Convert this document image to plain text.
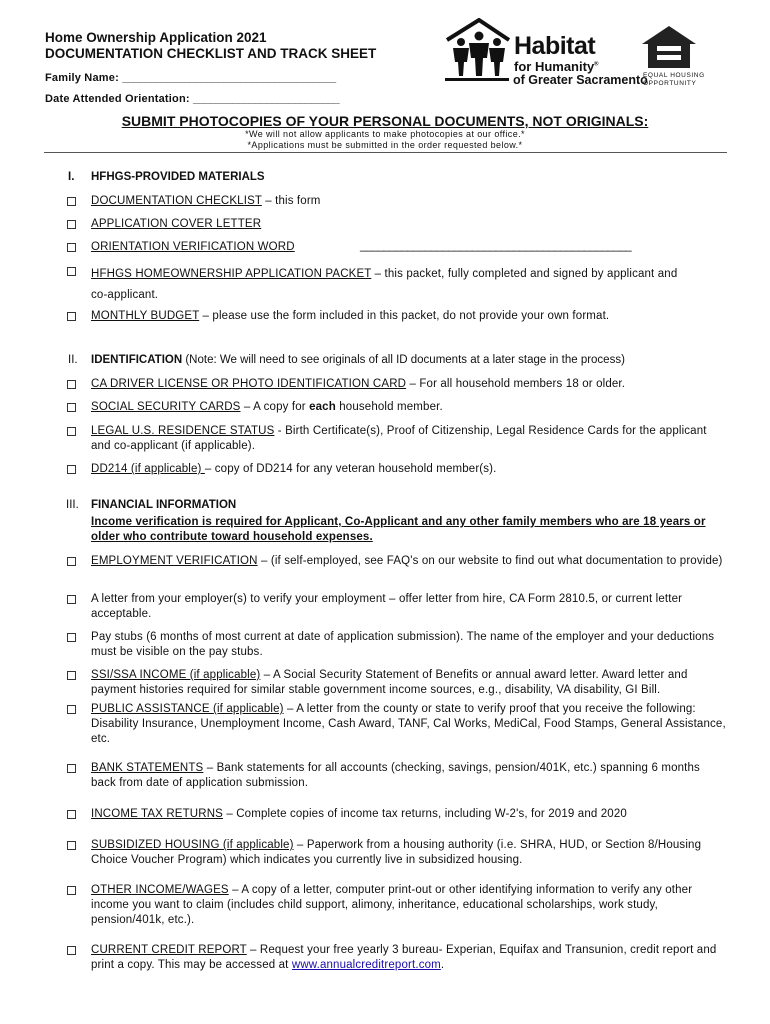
Home Ownership Application 2021
DOCUMENTATION CHECKLIST AND TRACK SHEET
Family Name: ______________________________________
Date Attended Orientation: __________________________
Habitat
for Humanity®
of Greater Sacramento
EQUAL HOUSING
OPPORTUNITY
SUBMIT PHOTOCOPIES OF YOUR PERSONAL DOCUMENTS, NOT ORIGINALS:
*We will not allow applicants to make photocopies at our office.*
*Applications must be submitted in the order requested below.*
I. HFHGS-PROVIDED MATERIALS
DOCUMENTATION CHECKLIST – this form
APPLICATION COVER LETTER
ORIENTATION VERIFICATION WORD	______________________________________________
HFHGS HOMEOWNERSHIP APPLICATION PACKET – this packet, fully completed and signed by applicant and
co-applicant.
MONTHLY BUDGET – please use the form included in this packet, do not provide your own format.
II. IDENTIFICATION (Note: We will need to see originals of all ID documents at a later stage in the process)
CA DRIVER LICENSE OR PHOTO IDENTIFICATION CARD – For all household members 18 or older.
SOCIAL SECURITY CARDS – A copy for each household member.
LEGAL U.S. RESIDENCE STATUS - Birth Certificate(s), Proof of Citizenship, Legal Residence Cards for the applicant and co-applicant (if applicable).
DD214 (if applicable) – copy of DD214 for any veteran household member(s).
III. FINANCIAL INFORMATION
Income verification is required for Applicant, Co-Applicant and any other family members who are 18 years or older who contribute toward household expenses.
EMPLOYMENT VERIFICATION – (if self-employed, see FAQ's on our website to find out what documentation to provide)
A letter from your employer(s) to verify your employment – offer letter from hire, CA Form 2810.5, or current letter acceptable.
Pay stubs (6 months of most current at date of application submission). The name of the employer and your deductions must be visible on the pay stubs.
SSI/SSA INCOME (if applicable) – A Social Security Statement of Benefits or annual award letter. Award letter and payment histories required for similar stable government income sources, e.g., disability, VA disability, GI Bill.
PUBLIC ASSISTANCE (if applicable) – A letter from the county or state to verify proof that you receive the following: Disability Insurance, Unemployment Income, Cash Award, TANF, Cal Works, MediCal, Food Stamps, General Assistance, etc.
BANK STATEMENTS – Bank statements for all accounts (checking, savings, pension/401K, etc.) spanning 6 months back from date of application submission.
INCOME TAX RETURNS – Complete copies of income tax returns, including W-2's, for 2019 and 2020
SUBSIDIZED HOUSING (if applicable) – Paperwork from a housing authority (i.e. SHRA, HUD, or Section 8/Housing Choice Voucher Program) which indicates you currently live in subsidized housing.
OTHER INCOME/WAGES – A copy of a letter, computer print-out or other identifying information to verify any other income you want to claim (includes child support, alimony, inheritance, educational scholarships, work study, pension/401k, etc.).
CURRENT CREDIT REPORT – Request your free yearly 3 bureau- Experian, Equifax and Transunion, credit report and print a copy. This may be accessed at www.annualcreditreport.com.
